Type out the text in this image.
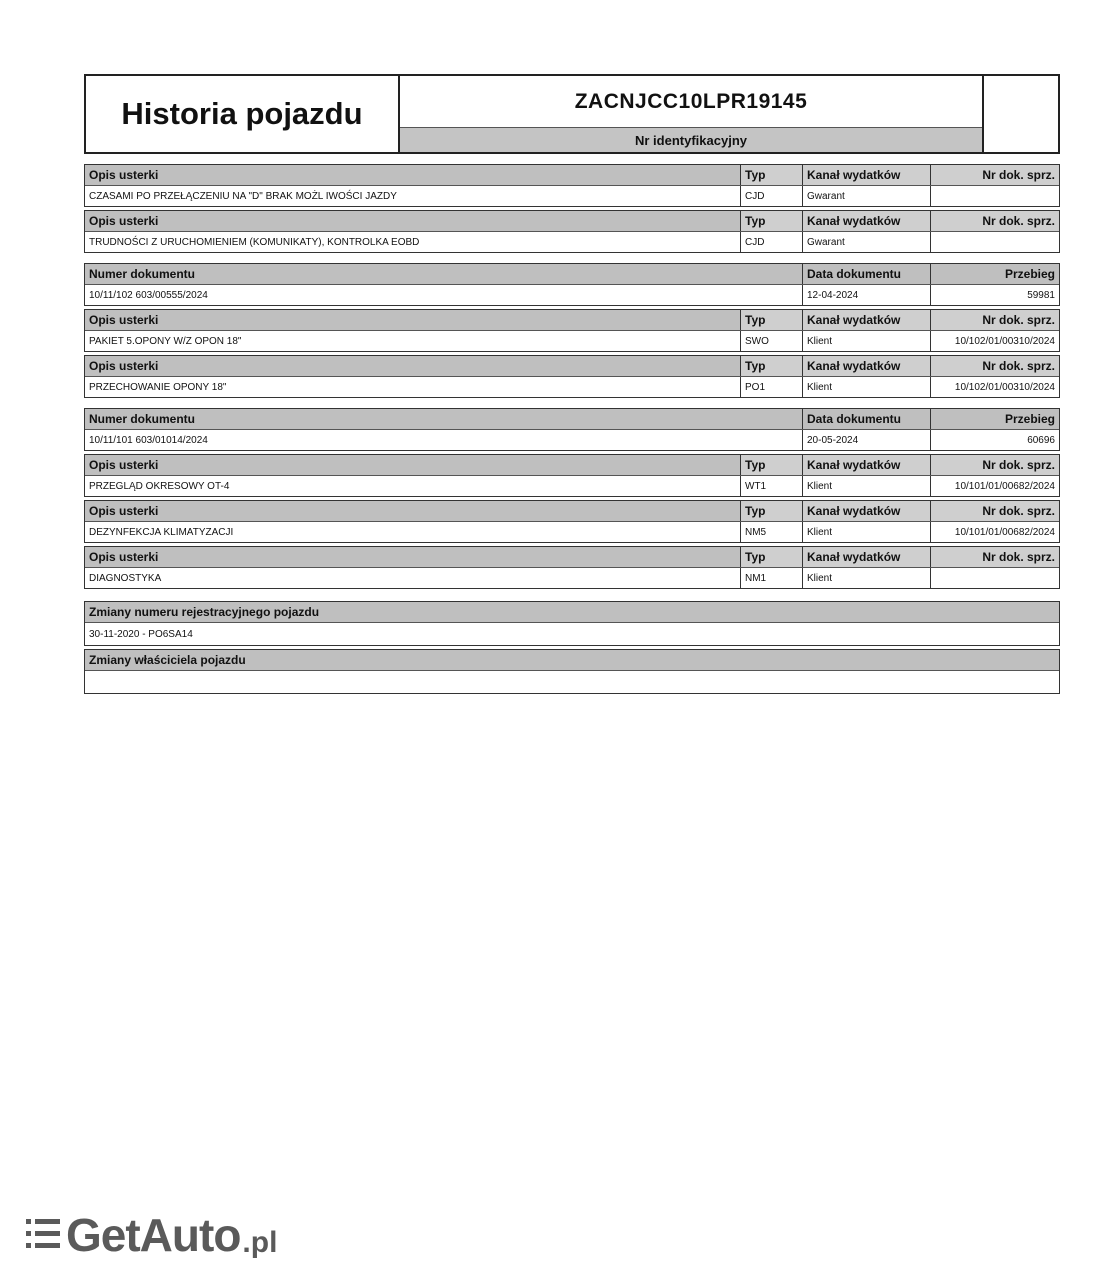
Historia pojazdu	ZACNJCC10LPR19145
Nr identyfikacyjny
Opis usterki	Typ	Kanał wydatków	Nr dok. sprz.
CZASAMI PO PRZEŁĄCZENIU NA "D" BRAK MOŻL IWOŚCI JAZDY	CJD	Gwarant
Opis usterki	Typ	Kanał wydatków	Nr dok. sprz.
TRUDNOŚCI Z URUCHOMIENIEM (KOMUNIKATY), KONTROLKA EOBD	CJD	Gwarant
Numer dokumentu	Data dokumentu	Przebieg
10/11/102 603/00555/2024	12-04-2024	59981
Opis usterki	Typ	Kanał wydatków	Nr dok. sprz.
PAKIET 5.OPONY W/Z OPON 18"	SWO	Klient	10/102/01/00310/2024
Opis usterki	Typ	Kanał wydatków	Nr dok. sprz.
PRZECHOWANIE OPONY 18"	PO1	Klient	10/102/01/00310/2024
Numer dokumentu	Data dokumentu	Przebieg
10/11/101 603/01014/2024	20-05-2024	60696
Opis usterki	Typ	Kanał wydatków	Nr dok. sprz.
PRZEGLĄD OKRESOWY OT-4	WT1	Klient	10/101/01/00682/2024
Opis usterki	Typ	Kanał wydatków	Nr dok. sprz.
DEZYNFEKCJA KLIMATYZACJI	NM5	Klient	10/101/01/00682/2024
Opis usterki	Typ	Kanał wydatków	Nr dok. sprz.
DIAGNOSTYKA	NM1	Klient
Zmiany numeru rejestracyjnego pojazdu
30-11-2020 - PO6SA14
Zmiany właściciela pojazdu
GetAuto .pl
